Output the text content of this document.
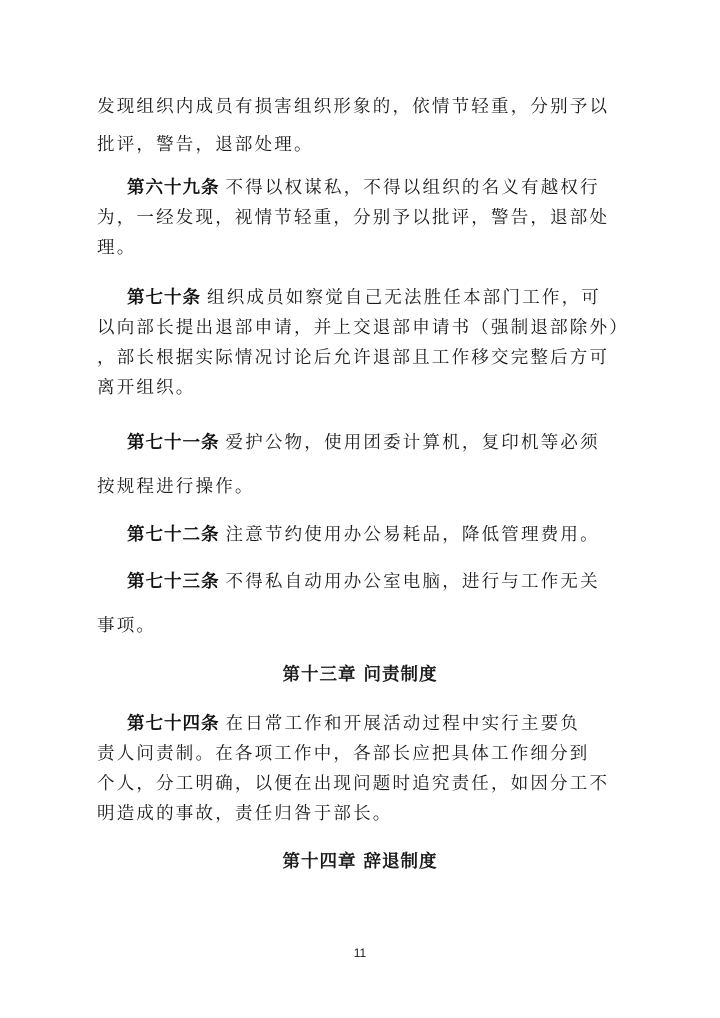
发现组织内成员有损害组织形象的，依情节轻重，分别予以
批评，警告，退部处理。
第六十九条 不得以权谋私，不得以组织的名义有越权行
为，一经发现，视情节轻重，分别予以批评，警告，退部处
理。
第七十条 组织成员如察觉自己无法胜任本部门工作，可
以向部长提出退部申请，并上交退部申请书（强制退部除外）
，部长根据实际情况讨论后允许退部且工作移交完整后方可
离开组织。
第七十一条 爱护公物，使用团委计算机，复印机等必须
按规程进行操作。
第七十二条 注意节约使用办公易耗品，降低管理费用。
第七十三条 不得私自动用办公室电脑，进行与工作无关
事项。
第十三章 问责制度
第七十四条 在日常工作和开展活动过程中实行主要负
责人问责制。在各项工作中，各部长应把具体工作细分到
个人，分工明确，以便在出现问题时追究责任，如因分工不
明造成的事故，责任归咎于部长。
第十四章 辞退制度
11
